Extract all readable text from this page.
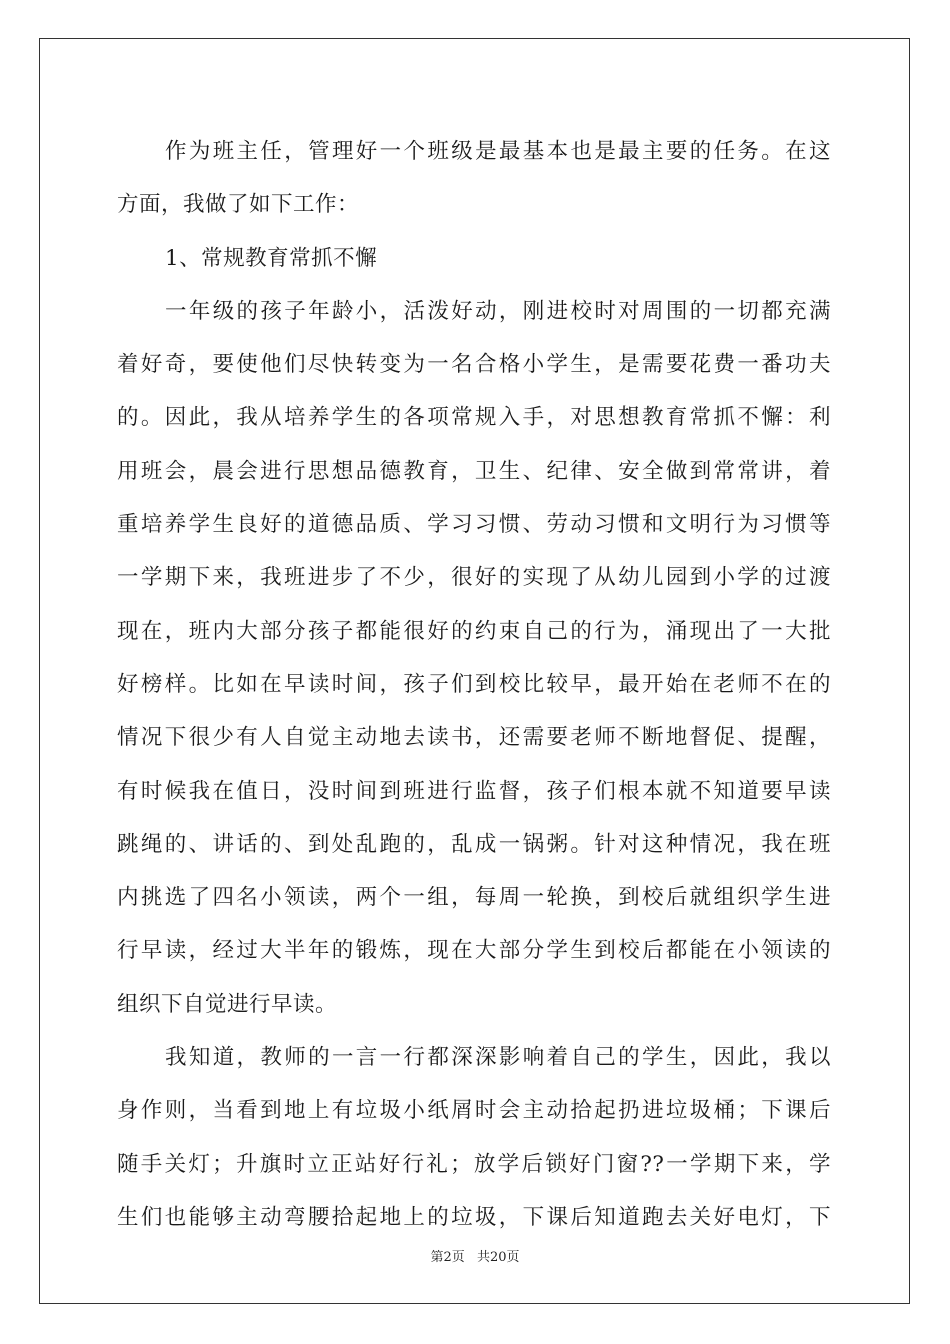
作为班主任，管理好一个班级是最基本也是最主要的任务。在这
方面，我做了如下工作：
1、常规教育常抓不懈
一年级的孩子年龄小，活泼好动，刚进校时对周围的一切都充满
着好奇，要使他们尽快转变为一名合格小学生，是需要花费一番功夫
的。因此，我从培养学生的各项常规入手，对思想教育常抓不懈：利
用班会，晨会进行思想品德教育，卫生、纪律、安全做到常常讲，着
重培养学生良好的道德品质、学习习惯、劳动习惯和文明行为习惯等
一学期下来，我班进步了不少，很好的实现了从幼儿园到小学的过渡
现在，班内大部分孩子都能很好的约束自己的行为，涌现出了一大批
好榜样。比如在早读时间，孩子们到校比较早，最开始在老师不在的
情况下很少有人自觉主动地去读书，还需要老师不断地督促、提醒，
有时候我在值日，没时间到班进行监督，孩子们根本就不知道要早读
跳绳的、讲话的、到处乱跑的，乱成一锅粥。针对这种情况，我在班
内挑选了四名小领读，两个一组，每周一轮换，到校后就组织学生进
行早读，经过大半年的锻炼，现在大部分学生到校后都能在小领读的
组织下自觉进行早读。
我知道，教师的一言一行都深深影响着自己的学生，因此，我以
身作则，当看到地上有垃圾小纸屑时会主动拾起扔进垃圾桶；下课后
随手关灯；升旗时立正站好行礼；放学后锁好门窗??一学期下来，学
生们也能够主动弯腰拾起地上的垃圾，下课后知道跑去关好电灯，下
第2页 共20页
